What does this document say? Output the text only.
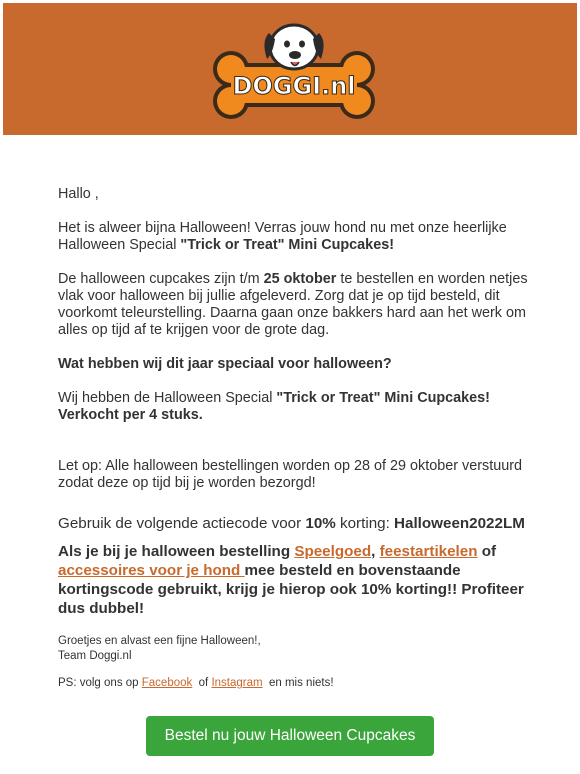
DOGGI.nl

Hallo ,

Het is alweer bijna Halloween! Verras jouw hond nu met onze heerlijke Halloween Special "Trick or Treat" Mini Cupcakes!

De halloween cupcakes zijn t/m 25 oktober te bestellen en worden netjes vlak voor halloween bij jullie afgeleverd. Zorg dat je op tijd besteld, dit voorkomt teleurstelling. Daarna gaan onze bakkers hard aan het werk om alles op tijd af te krijgen voor de grote dag.

Wat hebben wij dit jaar speciaal voor halloween?

Wij hebben de Halloween Special "Trick or Treat" Mini Cupcakes! Verkocht per 4 stuks.

Let op: Alle halloween bestellingen worden op 28 of 29 oktober verstuurd zodat deze op tijd bij je worden bezorgd!

Gebruik de volgende actiecode voor 10% korting: Halloween2022LM

Als je bij je halloween bestelling Speelgoed, feestartikelen of accessoires voor je hond mee besteld en bovenstaande kortingscode gebruikt, krijg je hierop ook 10% korting!! Profiteer dus dubbel!

Groetjes en alvast een fijne Halloween!,
Team Doggi.nl

PS: volg ons op Facebook  of Instagram  en mis niets!

Bestel nu jouw Halloween Cupcakes
